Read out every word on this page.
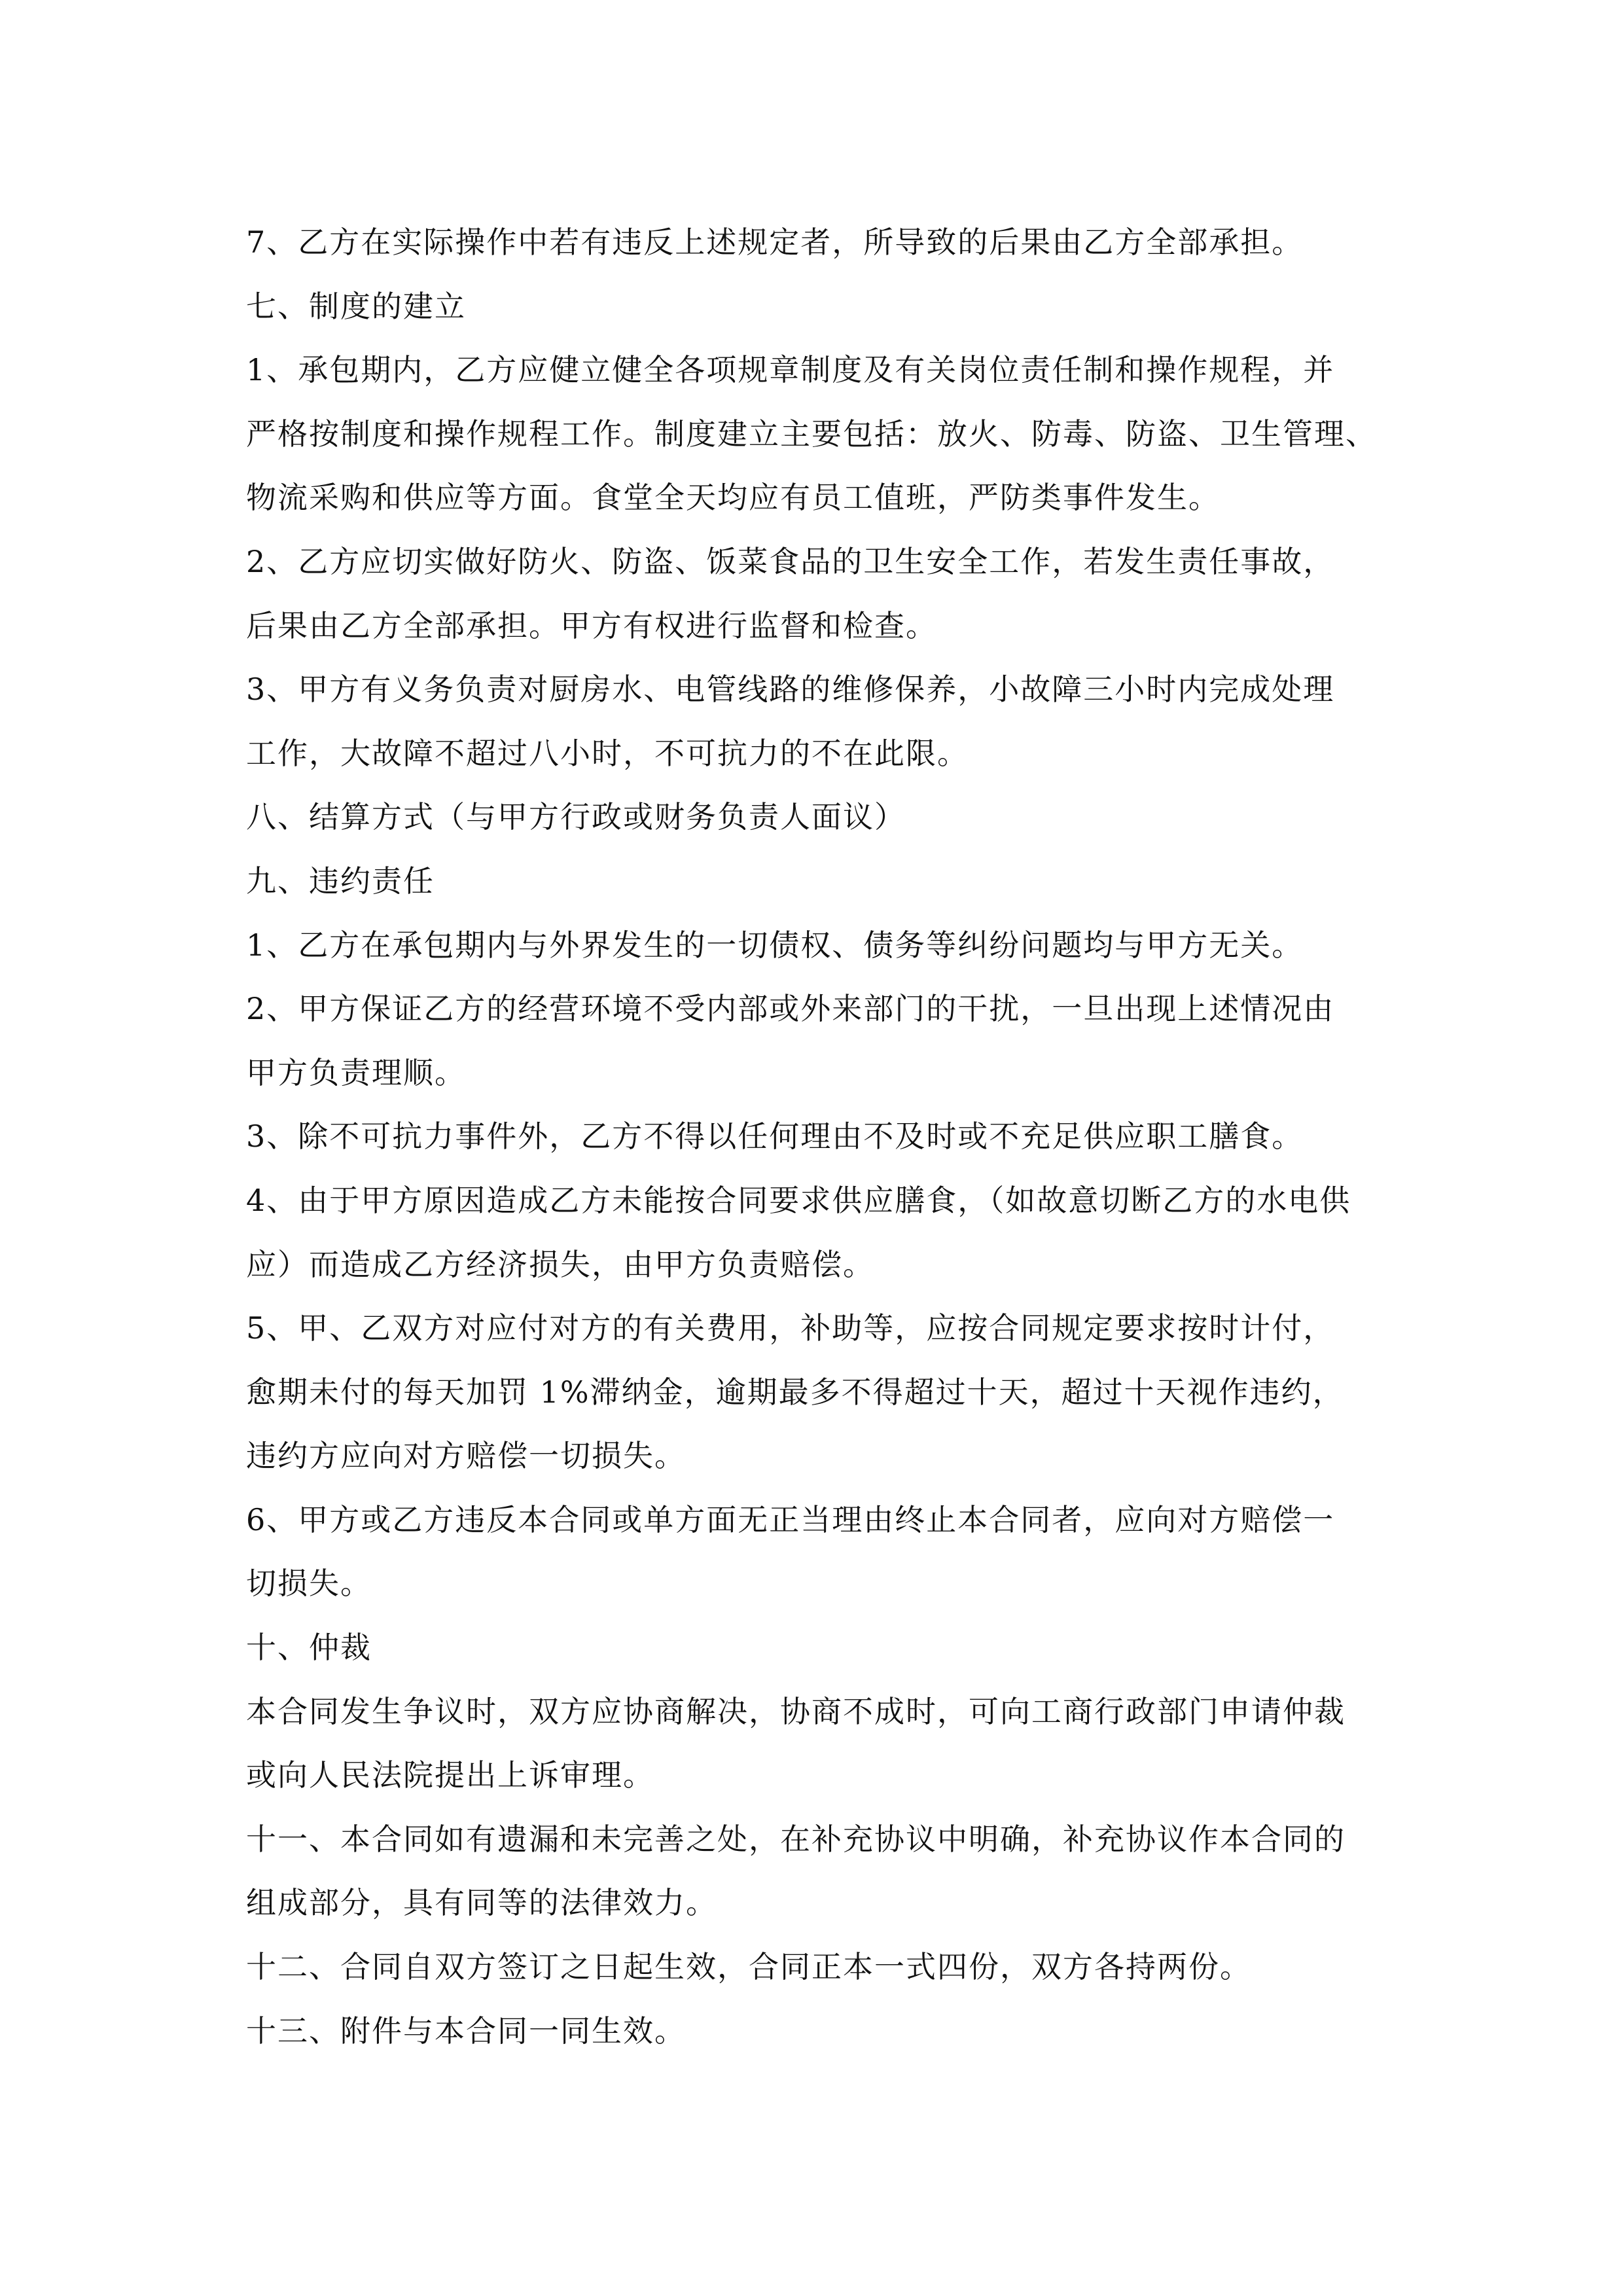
7、乙方在实际操作中若有违反上述规定者，所导致的后果由乙方全部承担。
七、制度的建立
1、承包期内，乙方应健立健全各项规章制度及有关岗位责任制和操作规程，并
严格按制度和操作规程工作。制度建立主要包括：放火、防毒、防盗、卫生管理、
物流采购和供应等方面。食堂全天均应有员工值班，严防类事件发生。
2、乙方应切实做好防火、防盗、饭菜食品的卫生安全工作，若发生责任事故，
后果由乙方全部承担。甲方有权进行监督和检查。
3、甲方有义务负责对厨房水、电管线路的维修保养，小故障三小时内完成处理
工作，大故障不超过八小时，不可抗力的不在此限。
八、结算方式（与甲方行政或财务负责人面议）
九、违约责任
1、乙方在承包期内与外界发生的一切债权、债务等纠纷问题均与甲方无关。
2、甲方保证乙方的经营环境不受内部或外来部门的干扰，一旦出现上述情况由
甲方负责理顺。
3、除不可抗力事件外，乙方不得以任何理由不及时或不充足供应职工膳食。
4、由于甲方原因造成乙方未能按合同要求供应膳食，（如故意切断乙方的水电供
应）而造成乙方经济损失，由甲方负责赔偿。
5、甲、乙双方对应付对方的有关费用，补助等，应按合同规定要求按时计付，
愈期未付的每天加罚 1%滞纳金，逾期最多不得超过十天，超过十天视作违约，
违约方应向对方赔偿一切损失。
6、甲方或乙方违反本合同或单方面无正当理由终止本合同者，应向对方赔偿一
切损失。
十、仲裁
本合同发生争议时，双方应协商解决，协商不成时，可向工商行政部门申请仲裁
或向人民法院提出上诉审理。
十一、本合同如有遗漏和未完善之处，在补充协议中明确，补充协议作本合同的
组成部分，具有同等的法律效力。
十二、合同自双方签订之日起生效，合同正本一式四份，双方各持两份。
十三、附件与本合同一同生效。
